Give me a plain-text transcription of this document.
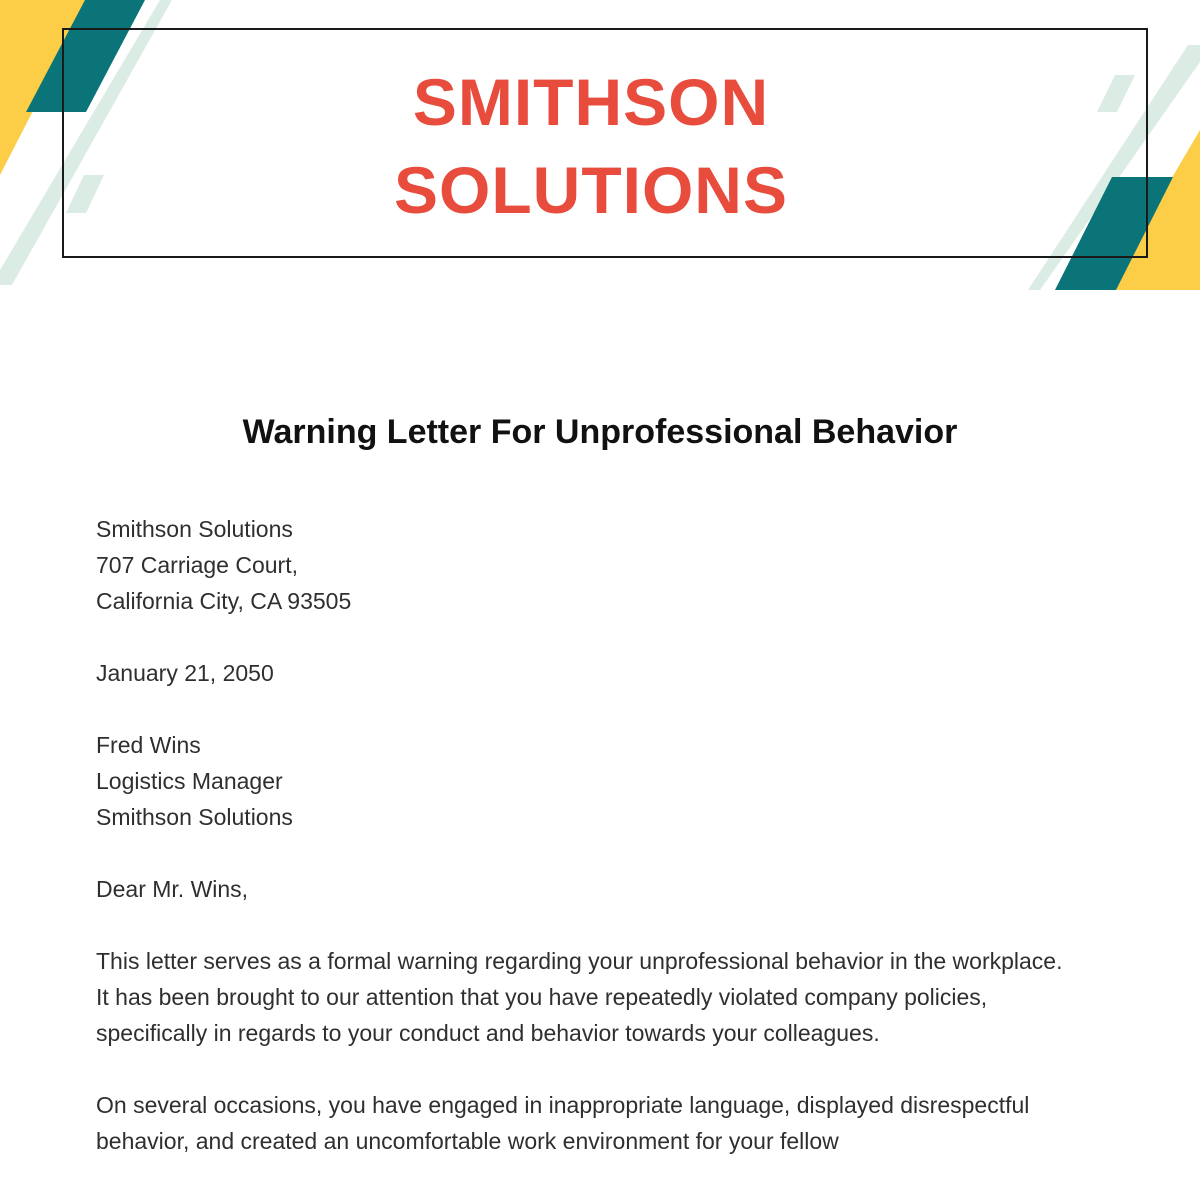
SMITHSON
SOLUTIONS
Warning Letter For Unprofessional Behavior

Smithson Solutions
707 Carriage Court,
California City, CA 93505

January 21, 2050

Fred Wins
Logistics Manager
Smithson Solutions

Dear Mr. Wins,

This letter serves as a formal warning regarding your unprofessional behavior in the workplace. It has been brought to our attention that you have repeatedly violated company policies, specifically in regards to your conduct and behavior towards your colleagues.

On several occasions, you have engaged in inappropriate language, displayed disrespectful behavior, and created an uncomfortable work environment for your fellow
